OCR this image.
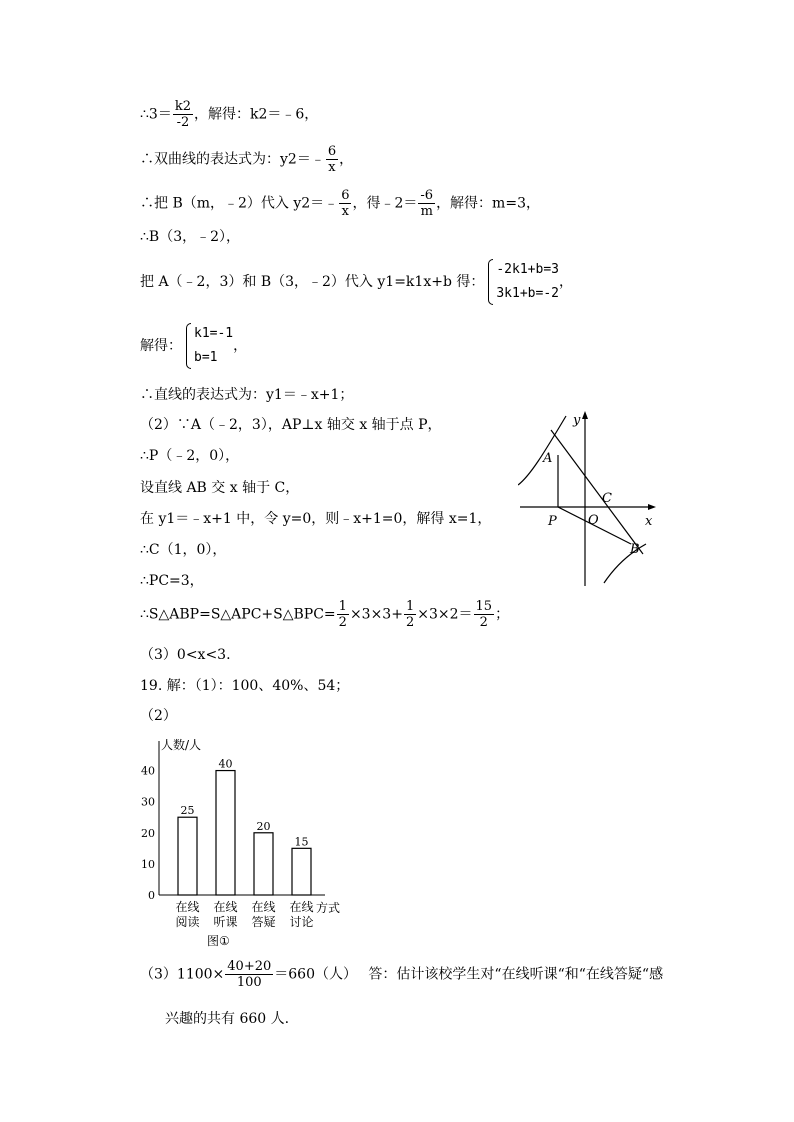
∴3＝ $\frac{k2}{-2}$ ，解得：k2＝﹣6，
∴双曲线的表达式为：y2＝﹣ $\frac{6}{x}$ ，
∴把 B（m，﹣2）代入 y2＝﹣ $\frac{6}{x}$ ，得﹣2＝ $\frac{-6}{m}$ ，解得：m=3，
∴B（3，﹣2），
把 A（﹣2，3）和 B（3，﹣2）代入 y1=k1x+b 得：
-2k1+b=3
3k1+b=-2
，
解得：
k1=-1
b=1
，
∴直线的表达式为：y1＝﹣x+1；
（2）∵A（﹣2，3），AP⊥x 轴交 x 轴于点 P，
∴P（﹣2，0），
设直线 AB 交 x 轴于 C，
在 y1＝﹣x+1 中，令 y=0，则﹣x+1=0，解得 x=1，
∴C（1，0），
∴PC=3，
∴S△ABP=S△APC+S△BPC= $\frac{1}{2} \times 3\times 3+ \frac{1}{2} \times 3\times 2= \frac{15}{2}$ ；
（3）0<x<3.
19. 解：（1）：100、40%、54；
（2）
$(3)1100\times \frac{40+20}{100} =660$（人）　 答：估计该校学生对“在线听课“和“在线答疑“感
兴趣的共有 660 人.
y
x
A
B
C
P O
人数/人
方式
图①
0
10
20
30
40
25
在线
阅读
40
在线
听课
20
在线
答疑
15
在线
讨论
